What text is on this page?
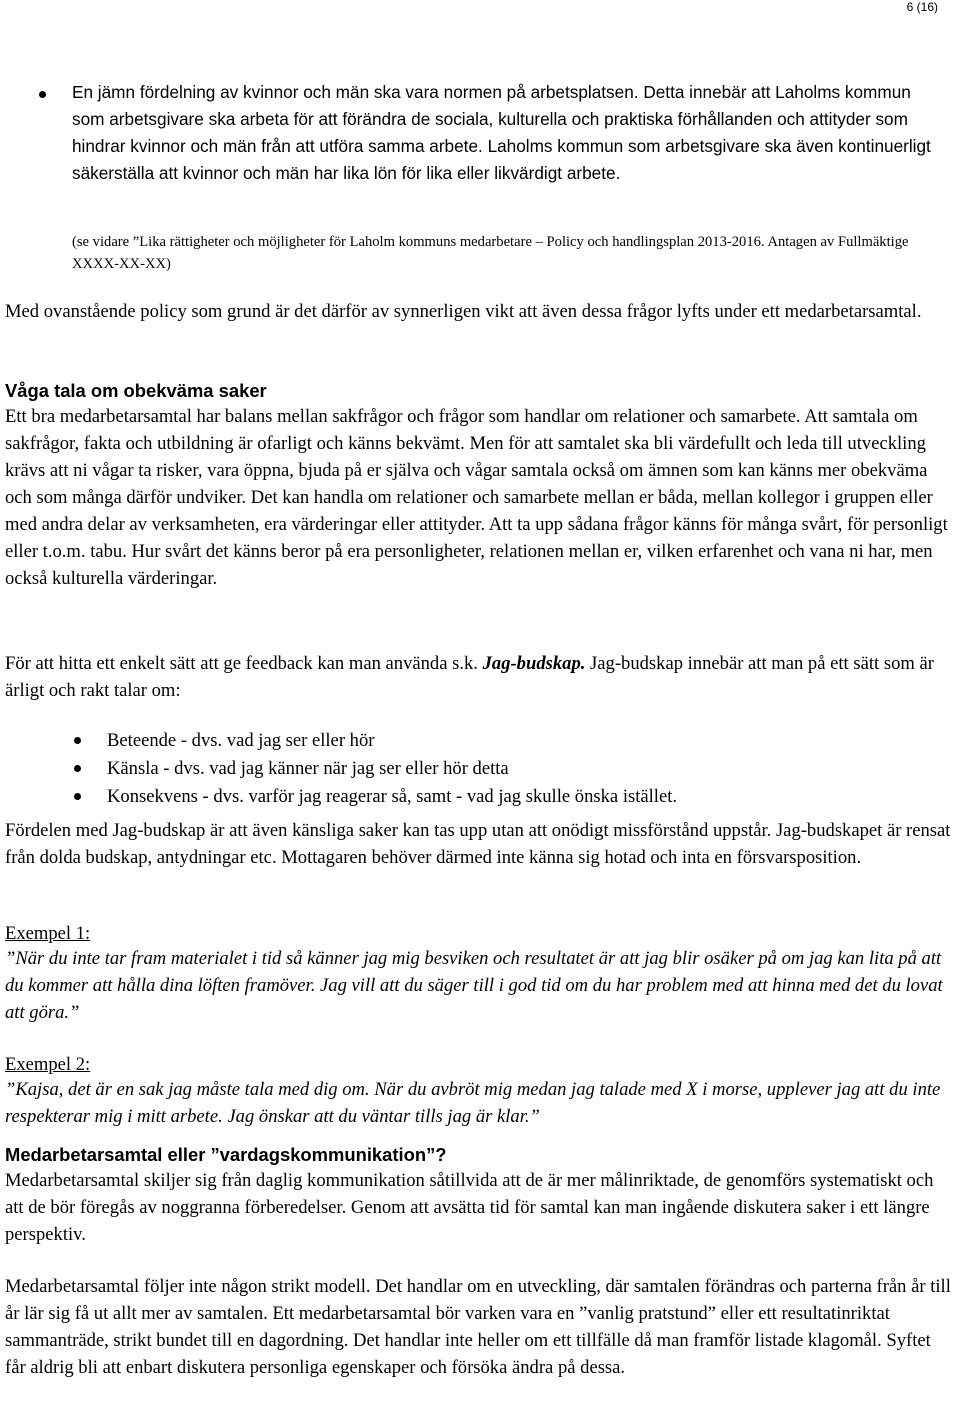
6 (16)

En jämn fördelning av kvinnor och män ska vara normen på arbetsplatsen. Detta innebär att Laholms kommun som arbetsgivare ska arbeta för att förändra de sociala, kulturella och praktiska förhållanden och attityder som hindrar kvinnor och män från att utföra samma arbete. Laholms kommun som arbetsgivare ska även kontinuerligt säkerställa att kvinnor och män har lika lön för lika eller likvärdigt arbete.

(se vidare ”Lika rättigheter och möjligheter för Laholm kommuns medarbetare – Policy och handlingsplan 2013-2016. Antagen av Fullmäktige XXXX-XX-XX)

Med ovanstående policy som grund är det därför av synnerligen vikt att även dessa frågor lyfts under ett medarbetarsamtal.

Våga tala om obekväma saker

Ett bra medarbetarsamtal har balans mellan sakfrågor och frågor som handlar om relationer och samarbete. Att samtala om sakfrågor, fakta och utbildning är ofarligt och känns bekvämt. Men för att samtalet ska bli värdefullt och leda till utveckling krävs att ni vågar ta risker, vara öppna, bjuda på er själva och vågar samtala också om ämnen som kan känns mer obekväma och som många därför undviker. Det kan handla om relationer och samarbete mellan er båda, mellan kollegor i gruppen eller med andra delar av verksamheten, era värderingar eller attityder. Att ta upp sådana frågor känns för många svårt, för personligt eller t.o.m. tabu. Hur svårt det känns beror på era personligheter, relationen mellan er, vilken erfarenhet och vana ni har, men också kulturella värderingar.

För att hitta ett enkelt sätt att ge feedback kan man använda s.k. Jag-budskap. Jag-budskap innebär att man på ett sätt som är ärligt och rakt talar om:

Beteende - dvs. vad jag ser eller hör
Känsla - dvs. vad jag känner när jag ser eller hör detta
Konsekvens - dvs. varför jag reagerar så, samt - vad jag skulle önska istället.

Fördelen med Jag-budskap är att även känsliga saker kan tas upp utan att onödigt missförstånd uppstår. Jag-budskapet är rensat från dolda budskap, antydningar etc. Mottagaren behöver därmed inte känna sig hotad och inta en försvarsposition.

Exempel 1:

”När du inte tar fram materialet i tid så känner jag mig besviken och resultatet är att jag blir osäker på om jag kan lita på att du kommer att hålla dina löften framöver. Jag vill att du säger till i god tid om du har problem med att hinna med det du lovat att göra.”

Exempel 2:

”Kajsa, det är en sak jag måste tala med dig om. När du avbröt mig medan jag talade med X i morse, upplever jag att du inte respekterar mig i mitt arbete. Jag önskar att du väntar tills jag är klar.”

Medarbetarsamtal eller ”vardagskommunikation”?

Medarbetarsamtal skiljer sig från daglig kommunikation såtillvida att de är mer målinriktade, de genomförs systematiskt och att de bör föregås av noggranna förberedelser. Genom att avsätta tid för samtal kan man ingående diskutera saker i ett längre perspektiv.

Medarbetarsamtal följer inte någon strikt modell. Det handlar om en utveckling, där samtalen förändras och parterna från år till år lär sig få ut allt mer av samtalen. Ett medarbetarsamtal bör varken vara en ”vanlig pratstund” eller ett resultatinriktat sammanträde, strikt bundet till en dagordning. Det handlar inte heller om ett tillfälle då man framför listade klagomål. Syftet får aldrig bli att enbart diskutera personliga egenskaper och försöka ändra på dessa.
